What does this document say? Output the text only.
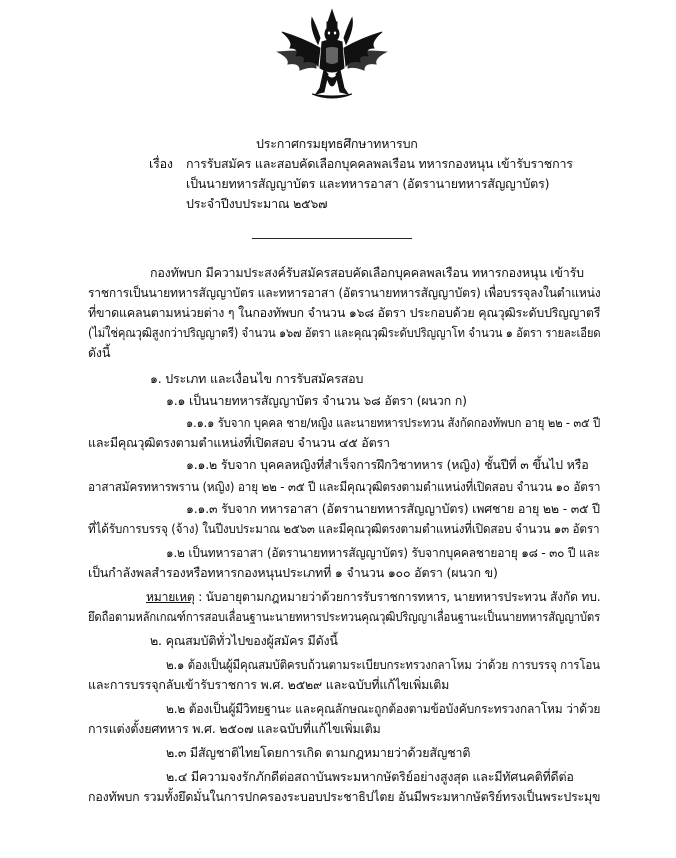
ประกาศกรมยุทธศึกษาทหารบก
เรื่อง การรับสมัคร และสอบคัดเลือกบุคคลพลเรือน ทหารกองหนุน เข้ารับราชการ
เป็นนายทหารสัญญาบัตร และทหารอาสา (อัตรานายทหารสัญญาบัตร)
ประจำปีงบประมาณ ๒๕๖๗
กองทัพบก มีความประสงค์รับสมัครสอบคัดเลือกบุคคลพลเรือน ทหารกองหนุน เข้ารับ
ราชการเป็นนายทหารสัญญาบัตร และทหารอาสา (อัตรานายทหารสัญญาบัตร) เพื่อบรรจุลงในตำแหน่ง
ที่ขาดแคลนตามหน่วยต่าง ๆ ในกองทัพบก จำนวน ๑๖๘ อัตรา ประกอบด้วย คุณวุฒิระดับปริญญาตรี
(ไม่ใช่คุณวุฒิสูงกว่าปริญญาตรี) จำนวน ๑๖๗ อัตรา และคุณวุฒิระดับปริญญาโท จำนวน ๑ อัตรา รายละเอียด
ดังนี้
๑. ประเภท และเงื่อนไข การรับสมัครสอบ
๑.๑ เป็นนายทหารสัญญาบัตร จำนวน ๖๘ อัตรา (ผนวก ก)
๑.๑.๑ รับจาก บุคคล ชาย/หญิง และนายทหารประทวน สังกัดกองทัพบก อายุ ๒๒ - ๓๕ ปี
และมีคุณวุฒิตรงตามตำแหน่งที่เปิดสอบ จำนวน ๔๕ อัตรา
๑.๑.๒ รับจาก บุคคลหญิงที่สำเร็จการฝึกวิชาทหาร (หญิง) ชั้นปีที่ ๓ ขึ้นไป หรือ
อาสาสมัครทหารพราน (หญิง) อายุ ๒๒ - ๓๕ ปี และมีคุณวุฒิตรงตามตำแหน่งที่เปิดสอบ จำนวน ๑๐ อัตรา
๑.๑.๓ รับจาก ทหารอาสา (อัตรานายทหารสัญญาบัตร) เพศชาย อายุ ๒๒ - ๓๕ ปี
ที่ได้รับการบรรจุ (จ้าง) ในปีงบประมาณ ๒๕๖๓ และมีคุณวุฒิตรงตามตำแหน่งที่เปิดสอบ จำนวน ๑๓ อัตรา
๑.๒ เป็นทหารอาสา (อัตรานายทหารสัญญาบัตร) รับจากบุคคลชายอายุ ๑๘ - ๓๐ ปี และ
เป็นกำลังพลสำรองหรือทหารกองหนุนประเภทที่ ๑ จำนวน ๑๐๐ อัตรา (ผนวก ข)
หมายเหตุ : นับอายุตามกฎหมายว่าด้วยการรับราชการทหาร, นายทหารประทวน สังกัด ทบ.
ยึดถือตามหลักเกณฑ์การสอบเลื่อนฐานะนายทหารประทวนคุณวุฒิปริญญาเลื่อนฐานะเป็นนายทหารสัญญาบัตร
๒. คุณสมบัติทั่วไปของผู้สมัคร มีดังนี้
๒.๑ ต้องเป็นผู้มีคุณสมบัติครบถ้วนตามระเบียบกระทรวงกลาโหม ว่าด้วย การบรรจุ การโอน
และการบรรจุกลับเข้ารับราชการ พ.ศ. ๒๕๒๙ และฉบับที่แก้ไขเพิ่มเติม
๒.๒ ต้องเป็นผู้มีวิทยฐานะ และคุณลักษณะถูกต้องตามข้อบังคับกระทรวงกลาโหม ว่าด้วย
การแต่งตั้งยศทหาร พ.ศ. ๒๕๐๗ และฉบับที่แก้ไขเพิ่มเติม
๒.๓ มีสัญชาติไทยโดยการเกิด ตามกฎหมายว่าด้วยสัญชาติ
๒.๔ มีความจงรักภักดีต่อสถาบันพระมหากษัตริย์อย่างสูงสุด และมีทัศนคติที่ดีต่อ
กองทัพบก รวมทั้งยึดมั่นในการปกครองระบอบประชาธิปไตย อันมีพระมหากษัตริย์ทรงเป็นพระประมุข
